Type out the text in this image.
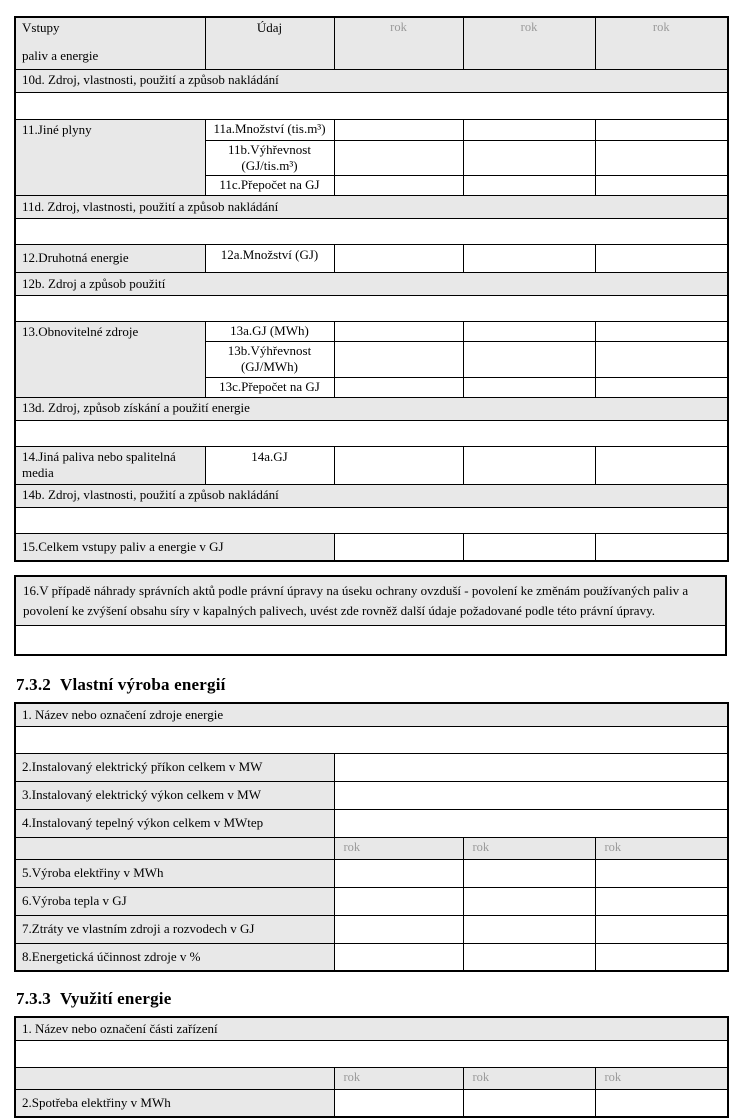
Vstupy
paliv a energie	Údaj	rok	rok	rok
10d. Zdroj, vlastnosti, použití a způsob nakládání				

11.Jiné plyny	11a.Množství (tis.m³)			

	11b.Výhřevnost
(GJ/tis.m³)			

	11c.Přepočet na GJ			
11d. Zdroj, vlastnosti, použití a způsob nakládání				

12.Druhotná energie	12a.Množství (GJ)			
12b. Zdroj a způsob použití				

13.Obnovitelné zdroje	13a.GJ (MWh)			

	13b.Výhřevnost
(GJ/MWh)			

	13c.Přepočet na GJ			
13d. Zdroj, způsob získání a použití energie				

14.Jiná paliva nebo spalitelná media	14a.GJ			
14b. Zdroj, vlastnosti, použití a způsob nakládání				

15.Celkem vstupy paliv a energie v GJ				
16.V případě náhrady správních aktů podle právní úpravy na úseku ochrany ovzduší - povolení ke změnám používaných paliv a povolení ke zvýšení obsahu síry v kapalných palivech, uvést zde rovněž další údaje požadované podle této právní úpravy.
7.3.2 Vlastní výroba energií
1. Název nebo označení zdroje energie			

2.Instalovaný elektrický příkon celkem v MW			
3.Instalovaný elektrický výkon celkem v MW			
4.Instalovaný tepelný výkon celkem v MWtep			
	rok	rok	rok
5.Výroba elektřiny v MWh			
6.Výroba tepla v GJ			
7.Ztráty ve vlastním zdroji a rozvodech v GJ			
8.Energetická účinnost zdroje v %			
7.3.3 Využití energie
1. Název nebo označení části zařízení			

	rok	rok	rok
2.Spotřeba elektřiny v MWh			
